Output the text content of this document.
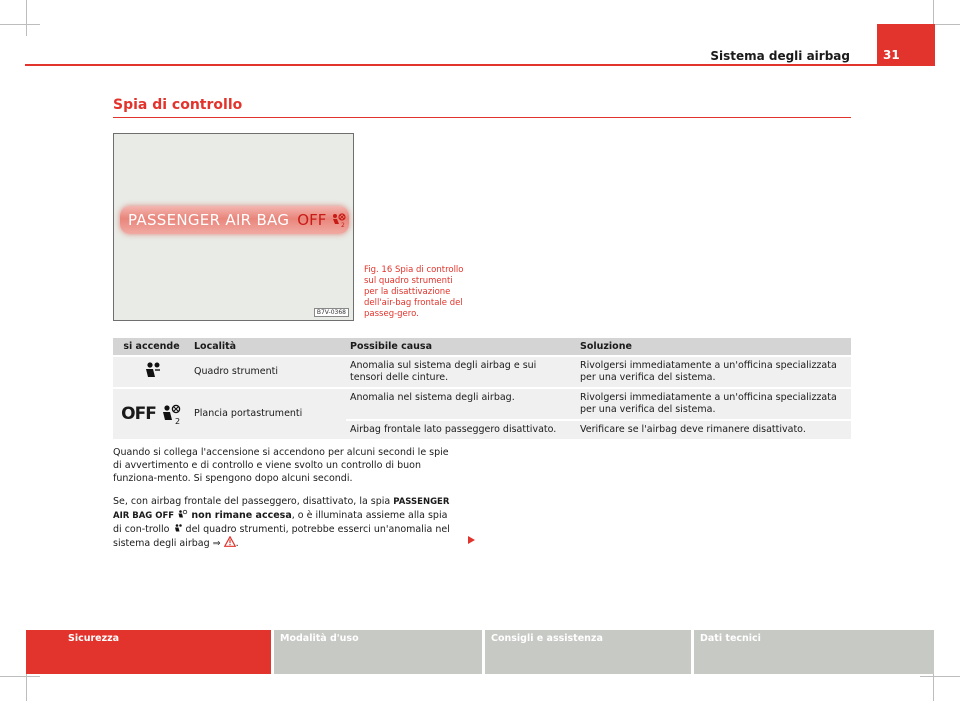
Sistema degli airbag	31
Spia di controllo
PASSENGER AIR BAG OFF	2
B7V-0368
Fig. 16 Spia di controllo sul quadro strumenti per la disattivazione dell'air-bag frontale del passeg-gero.
si accende	Località	Possibile causa	Soluzione
	Quadro strumenti	Anomalia sul sistema degli airbag e sui tensori delle cinture.	Rivolgersi immediatamente a un'officina specializzata per una verifica del sistema.

OFF 2	Plancia portastrumenti	Anomalia nel sistema degli airbag.	Rivolgersi immediatamente a un'officina specializzata per una verifica del sistema.
		Airbag frontale lato passeggero disattivato.	Verificare se l'airbag deve rimanere disattivato.

Quando si collega l'accensione si accendono per alcuni secondi le spie di avvertimento e di controllo e viene svolto un controllo di buon funziona-mento. Si spengono dopo alcuni secondi.

Se, con airbag frontale del passeggero, disattivato, la spia PASSENGER AIR BAG OFF  non rimane accesa, o è illuminata assieme alla spia di con-trollo  del quadro strumenti, potrebbe esserci un'anomalia nel sistema degli airbag ⇒ .

Sicurezza	Modalità d'uso	Consigli e assistenza	Dati tecnici
